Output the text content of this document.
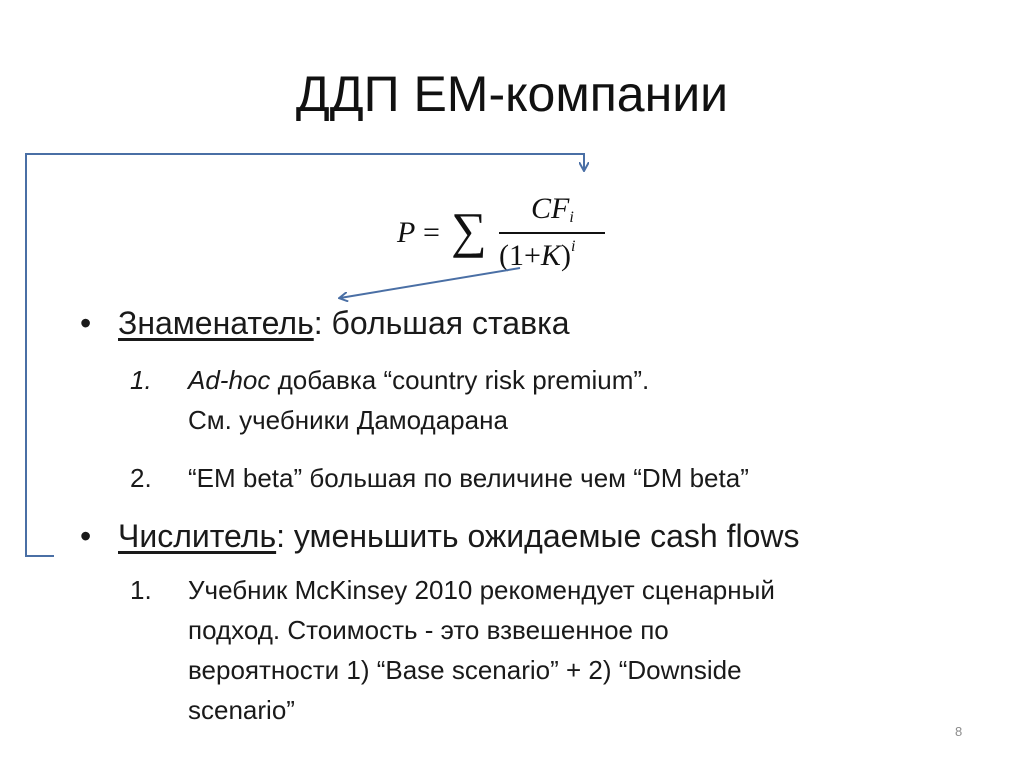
ДДП EM-компании
P = ∑ $CF_i$
$(1+K)^i$
• Знаменатель: большая ставка
1. Ad-hoc добавка “country risk premium”.
См. учебники Дамодарана
2. “EM beta” большая по величине чем “DM beta”
• Числитель: уменьшить ожидаемые cash flows
1. Учебник McKinsey 2010 рекомендует сценарный
подход. Стоимость - это взвешенное по
вероятности 1) “Base scenario” + 2) “Downside
scenario”
8
